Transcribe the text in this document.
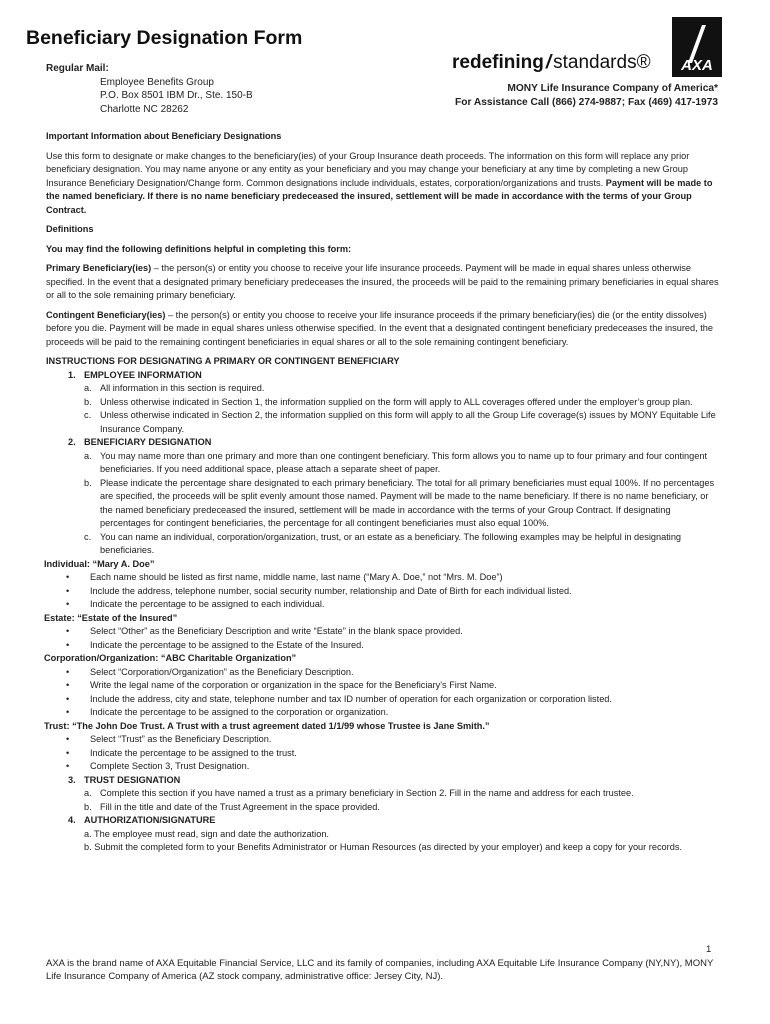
Beneficiary Designation Form
Regular Mail:
Employee Benefits Group
P.O. Box 8501 IBM Dr., Ste. 150-B
Charlotte NC 28262
redefining / standards® AXA
MONY Life Insurance Company of America*
For Assistance Call (866) 274-9887; Fax (469) 417-1973

Important Information about Beneficiary Designations

Use this form to designate or make changes to the beneficiary(ies) of your Group Insurance death proceeds. The information on this form will replace any prior beneficiary designation. You may name anyone or any entity as your beneficiary and you may change your beneficiary at any time by completing a new Group Insurance Beneficiary Designation/Change form. Common designations include individuals, estates, corporation/organizations and trusts. Payment will be made to the named beneficiary. If there is no name beneficiary predeceased the insured, settlement will be made in accordance with the terms of your Group Contract.

Definitions

You may find the following definitions helpful in completing this form:

Primary Beneficiary(ies) – the person(s) or entity you choose to receive your life insurance proceeds. Payment will be made in equal shares unless otherwise specified. In the event that a designated primary beneficiary predeceases the insured, the proceeds will be paid to the remaining primary beneficiaries in equal shares or all to the sole remaining primary beneficiary.

Contingent Beneficiary(ies) – the person(s) or entity you choose to receive your life insurance proceeds if the primary beneficiary(ies) die (or the entity dissolves) before you die. Payment will be made in equal shares unless otherwise specified. In the event that a designated contingent beneficiary predeceases the insured, the proceeds will be paid to the remaining contingent beneficiaries in equal shares or all to the sole remaining contingent beneficiary.

INSTRUCTIONS FOR DESIGNATING A PRIMARY OR CONTINGENT BENEFICIARY

1. EMPLOYEE INFORMATION
a. All information in this section is required.
b. Unless otherwise indicated in Section 1, the information supplied on the form will apply to ALL coverages offered under the employer’s group plan.
c. Unless otherwise indicated in Section 2, the information supplied on this form will apply to all the Group Life coverage(s) issues by MONY Equitable Life Insurance Company.
2. BENEFICIARY DESIGNATION
a. You may name more than one primary and more than one contingent beneficiary. This form allows you to name up to four primary and four contingent beneficiaries. If you need additional space, please attach a separate sheet of paper.
b. Please indicate the percentage share designated to each primary beneficiary. The total for all primary beneficiaries must equal 100%. If no percentages are specified, the proceeds will be split evenly amount those named. Payment will be made to the name beneficiary. If there is no name beneficiary, or the named beneficiary predeceased the insured, settlement will be made in accordance with the terms of your Group Contract. If designating percentages for contingent beneficiaries, the percentage for all contingent beneficiaries must also equal 100%.
c. You can name an individual, corporation/organization, trust, or an estate as a beneficiary. The following examples may be helpful in designating beneficiaries.
Individual: “Mary A. Doe”
• Each name should be listed as first name, middle name, last name (“Mary A. Doe,” not “Mrs. M. Doe”)
• Include the address, telephone number, social security number, relationship and Date of Birth for each individual listed.
• Indicate the percentage to be assigned to each individual.
Estate: “Estate of the Insured”
• Select “Other” as the Beneficiary Description and write “Estate” in the blank space provided.
• Indicate the percentage to be assigned to the Estate of the Insured.
Corporation/Organization: “ABC Charitable Organization”
• Select “Corporation/Organization” as the Beneficiary Description.
• Write the legal name of the corporation or organization in the space for the Beneficiary’s First Name.
• Include the address, city and state, telephone number and tax ID number of operation for each organization or corporation listed.
• Indicate the percentage to be assigned to the corporation or organization.
Trust: “The John Doe Trust. A Trust with a trust agreement dated 1/1/99 whose Trustee is Jane Smith.”
• Select “Trust” as the Beneficiary Description.
• Indicate the percentage to be assigned to the trust.
• Complete Section 3, Trust Designation.
3. TRUST DESIGNATION
a. Complete this section if you have named a trust as a primary beneficiary in Section 2. Fill in the name and address for each trustee.
b. Fill in the title and date of the Trust Agreement in the space provided.
4. AUTHORIZATION/SIGNATURE
a. The employee must read, sign and date the authorization.
b. Submit the completed form to your Benefits Administrator or Human Resources (as directed by your employer) and keep a copy for your records.
1
AXA is the brand name of AXA Equitable Financial Service, LLC and its family of companies, including AXA Equitable Life Insurance Company (NY,NY), MONY Life Insurance Company of America (AZ stock company, administrative office: Jersey City, NJ).
